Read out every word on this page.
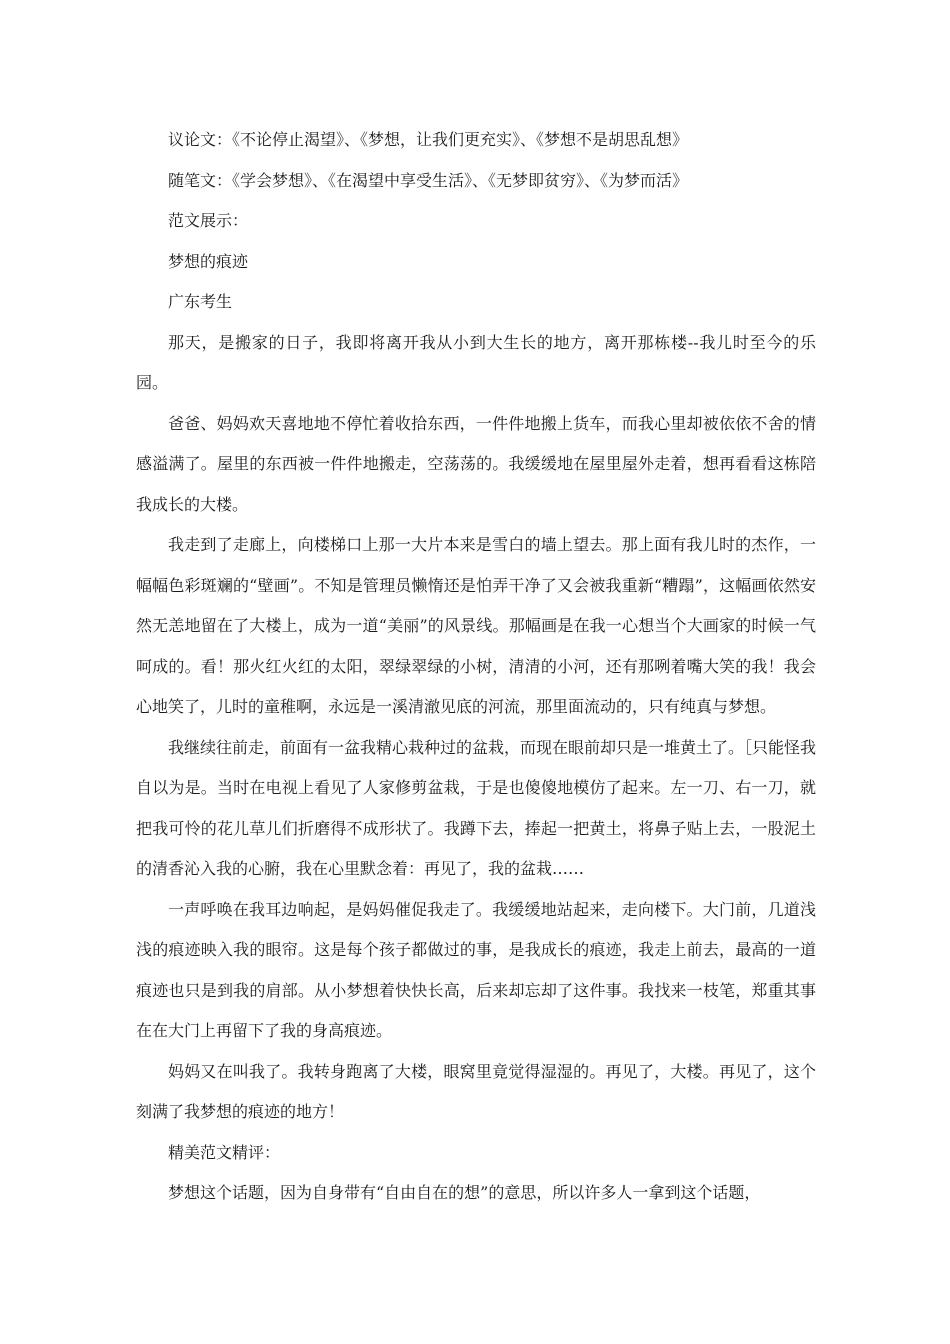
议论文：《不论停止渴望》、《梦想，让我们更充实》、《梦想不是胡思乱想》

随笔文：《学会梦想》、《在渴望中享受生活》、《无梦即贫穷》、《为梦而活》

范文展示：

梦想的痕迹

广东考生

那天，是搬家的日子，我即将离开我从小到大生长的地方，离开那栋楼--我儿时至今的乐园。

爸爸、妈妈欢天喜地地不停忙着收拾东西，一件件地搬上货车，而我心里却被依依不舍的情感溢满了。屋里的东西被一件件地搬走，空荡荡的。我缓缓地在屋里屋外走着，想再看看这栋陪我成长的大楼。

我走到了走廊上，向楼梯口上那一大片本来是雪白的墙上望去。那上面有我儿时的杰作，一幅幅色彩斑斓的“壁画”。不知是管理员懒惰还是怕弄干净了又会被我重新“糟蹋”，这幅画依然安然无恙地留在了大楼上，成为一道“美丽”的风景线。那幅画是在我一心想当个大画家的时候一气呵成的。看！那火红火红的太阳，翠绿翠绿的小树，清清的小河，还有那咧着嘴大笑的我！我会心地笑了，儿时的童稚啊，永远是一溪清澈见底的河流，那里面流动的，只有纯真与梦想。

我继续往前走，前面有一盆我精心栽种过的盆栽，而现在眼前却只是一堆黄土了。［只能怪我自以为是。当时在电视上看见了人家修剪盆栽，于是也傻傻地模仿了起来。左一刀、右一刀，就把我可怜的花儿草儿们折磨得不成形状了。我蹲下去，捧起一把黄土，将鼻子贴上去，一股泥土的清香沁入我的心腑，我在心里默念着：再见了，我的盆栽……

一声呼唤在我耳边响起，是妈妈催促我走了。我缓缓地站起来，走向楼下。大门前，几道浅浅的痕迹映入我的眼帘。这是每个孩子都做过的事，是我成长的痕迹，我走上前去，最高的一道痕迹也只是到我的肩部。从小梦想着快快长高，后来却忘却了这件事。我找来一枝笔，郑重其事在在大门上再留下了我的身高痕迹。

妈妈又在叫我了。我转身跑离了大楼，眼窝里竟觉得湿湿的。再见了，大楼。再见了，这个刻满了我梦想的痕迹的地方！

精美范文精评：

梦想这个话题，因为自身带有“自由自在的想”的意思，所以许多人一拿到这个话题，
